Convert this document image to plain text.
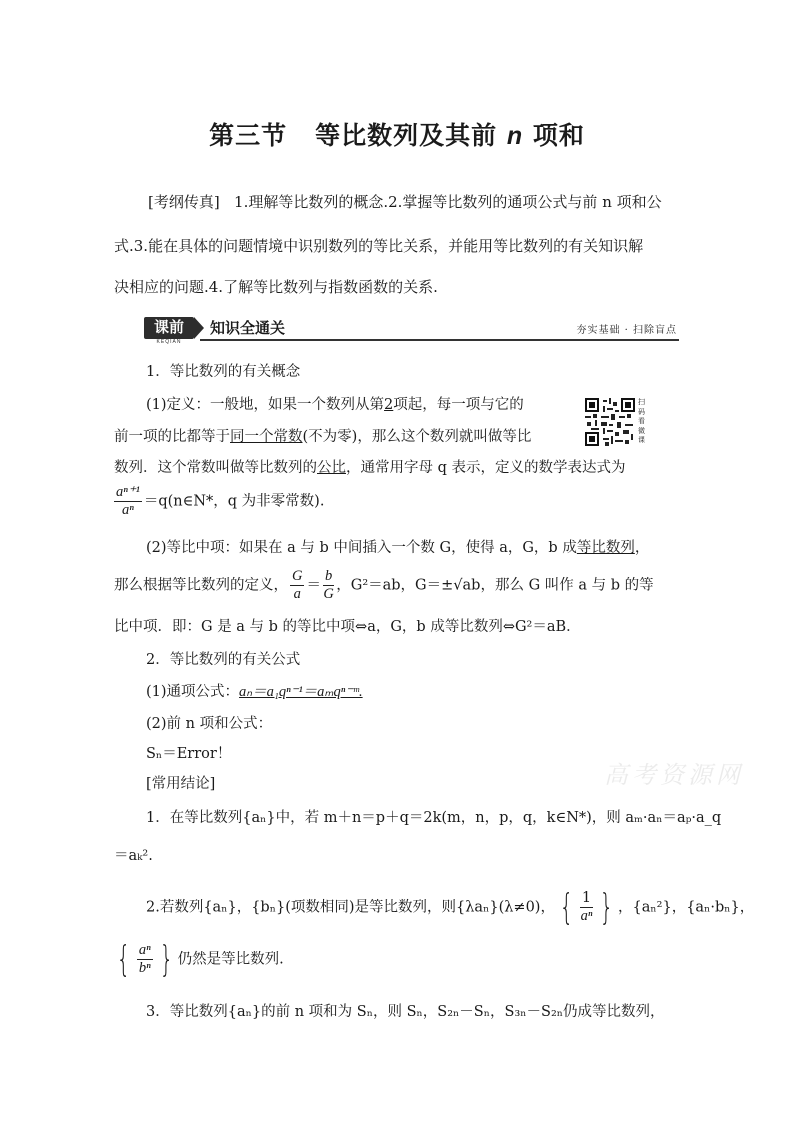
第三节 等比数列及其前 n 项和
[考纲传真] 1.理解等比数列的概念.2.掌握等比数列的通项公式与前 n 项和公
式.3.能在具体的问题情境中识别数列的等比关系，并能用等比数列的有关知识解
决相应的问题.4.了解等比数列与指数函数的关系.
课前
KEQIAN
知识全通关	夯实基础 · 扫除盲点
扫码看微课
1．等比数列的有关概念
(1)定义：一般地，如果一个数列从第2项起，每一项与它的
前一项的比都等于同一个常数(不为零)，那么这个数列就叫做等比
数列．这个常数叫做等比数列的公比，通常用字母 q 表示，定义的数学表达式为
$\frac{\text{aⁿ⁺¹}}{\text{aⁿ}}$ ＝q(n∈N*，q 为非零常数).
(2)等比中项：如果在 a 与 b 中间插入一个数 G，使得 a，G，b 成等比数列，
那么根据等比数列的定义， $\frac{G}{a} = \frac{b}{G}$ ，G²＝ab，G＝±√ab，那么 G 叫作 a 与 b 的等
比中项．即：G 是 a 与 b 的等比中项⇔a，G，b 成等比数列⇔G²＝aB．
2．等比数列的有关公式
(1)通项公式：aₙ＝a₁qⁿ⁻¹＝aₘqⁿ⁻ᵐ.
(2)前 n 项和公式：
Sₙ＝Error！
[常用结论]	高考资源网
1．在等比数列{aₙ}中，若 m＋n＝p＋q＝2k(m，n，p，q，k∈N*)，则 aₘ·aₙ＝aₚ·a_q
＝aₖ².
2.若数列{aₙ}，{bₙ}(项数相同)是等比数列，则{λaₙ}(λ≠0)， { $\frac{1}{\text{aⁿ}}$ } ，{aₙ²}，{aₙ·bₙ}，
{ $\frac{\text{aⁿ}}{\text{bⁿ}}$ } 仍然是等比数列.
3．等比数列{aₙ}的前 n 项和为 Sₙ，则 Sₙ，S₂ₙ－Sₙ，S₃ₙ－S₂ₙ仍成等比数列，
